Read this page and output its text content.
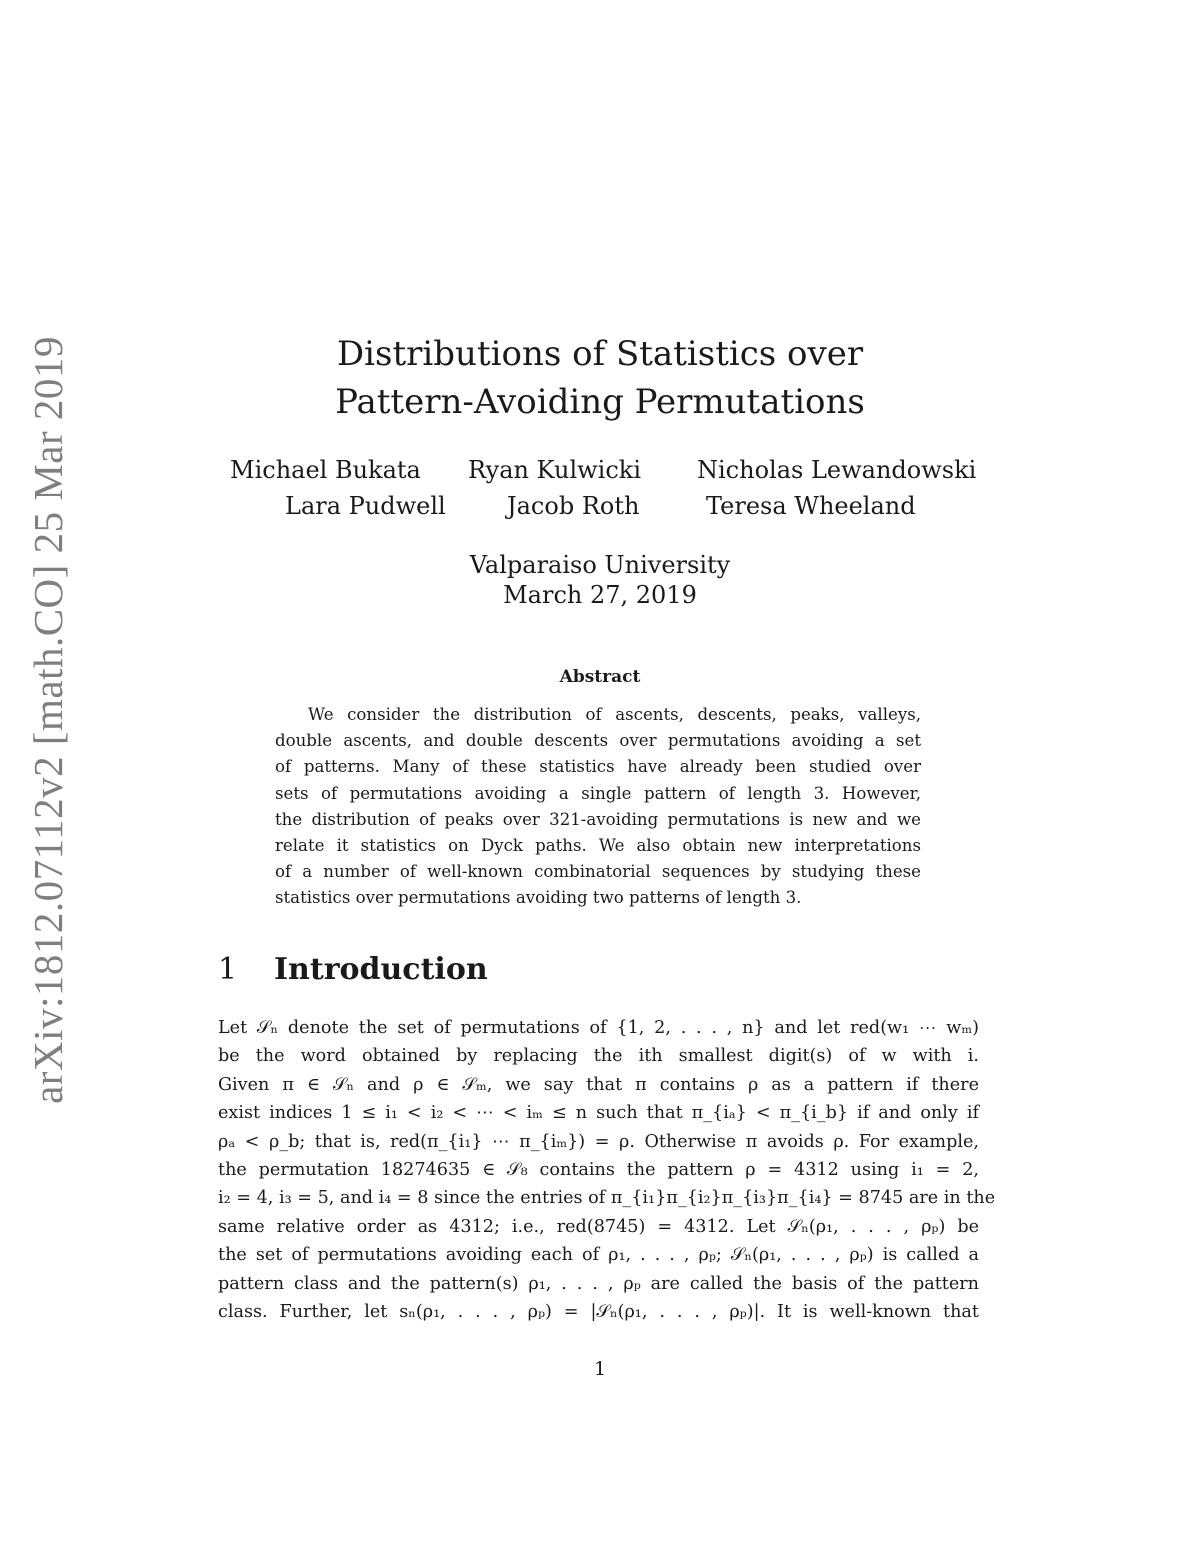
arXiv:1812.07112v2 [math.CO] 25 Mar 2019	Distributions of Statistics over
Pattern-Avoiding Permutations
Michael Bukata Ryan Kulwicki Nicholas Lewandowski
Lara Pudwell	Jacob Roth	Teresa Wheeland
Valparaiso University
March 27, 2019
Abstract
We consider the distribution of ascents, descents, peaks, valleys,
double ascents, and double descents over permutations avoiding a set
of patterns. Many of these statistics have already been studied over
sets of permutations avoiding a single pattern of length 3. However,
the distribution of peaks over 321-avoiding permutations is new and we
relate it statistics on Dyck paths. We also obtain new interpretations
of a number of well-known combinatorial sequences by studying these
statistics over permutations avoiding two patterns of length 3.
1 Introduction
Let 𝒮ₙ denote the set of permutations of {1, 2, . . . , n} and let red(w₁ ⋯ wₘ)
be the word obtained by replacing the ith smallest digit(s) of w with i.
Given π ∈ 𝒮ₙ and ρ ∈ 𝒮ₘ, we say that π contains ρ as a pattern if there
exist indices 1 ≤ i₁ < i₂ < ⋯ < iₘ ≤ n such that π_{iₐ} < π_{i_b} if and only if
ρₐ < ρ_b; that is, red(π_{i₁} ⋯ π_{iₘ}) = ρ. Otherwise π avoids ρ. For example,
the permutation 18274635 ∈ 𝒮₈ contains the pattern ρ = 4312 using i₁ = 2,
i₂ = 4, i₃ = 5, and i₄ = 8 since the entries of π_{i₁}π_{i₂}π_{i₃}π_{i₄} = 8745 are in the
same relative order as 4312; i.e., red(8745) = 4312. Let 𝒮ₙ(ρ₁, . . . , ρₚ) be
the set of permutations avoiding each of ρ₁, . . . , ρₚ; 𝒮ₙ(ρ₁, . . . , ρₚ) is called a
pattern class and the pattern(s) ρ₁, . . . , ρₚ are called the basis of the pattern
class. Further, let sₙ(ρ₁, . . . , ρₚ) = |𝒮ₙ(ρ₁, . . . , ρₚ)|. It is well-known that
1
